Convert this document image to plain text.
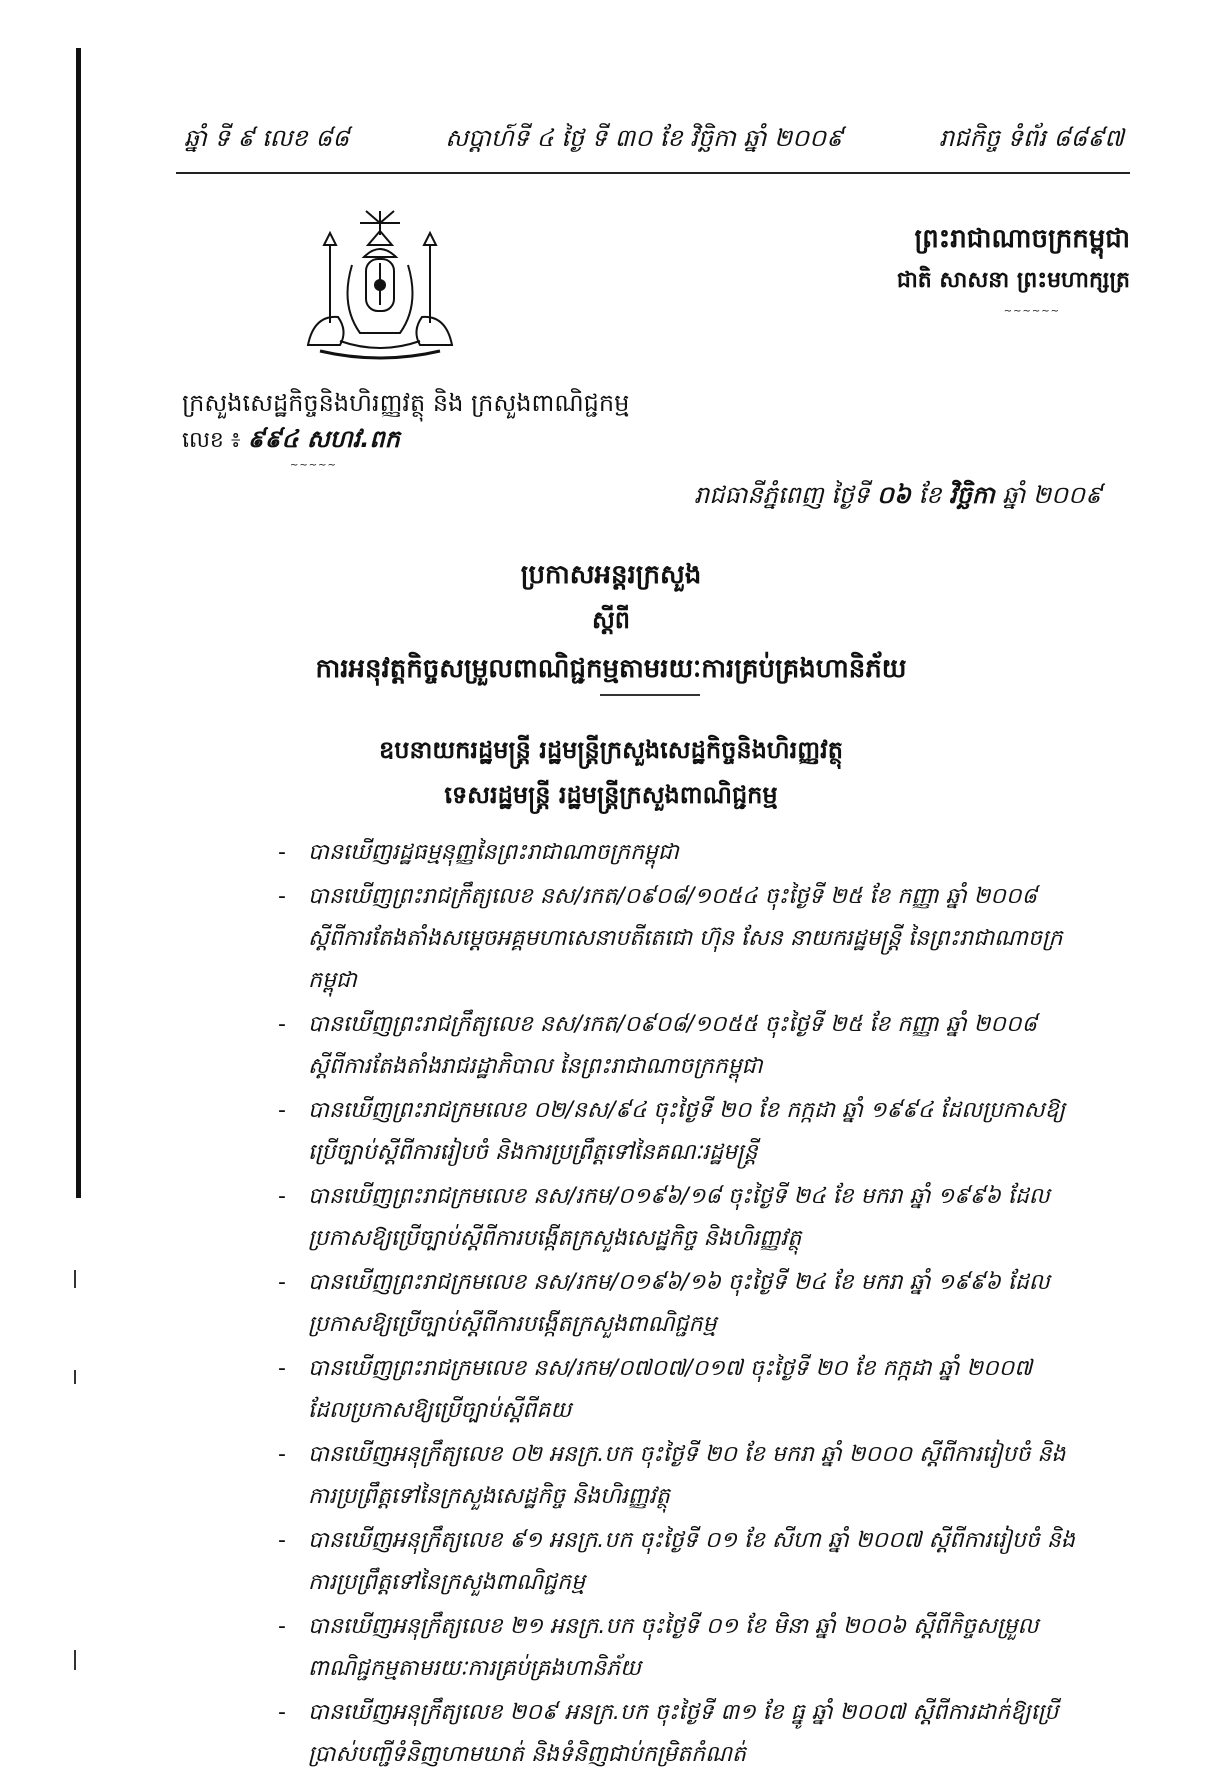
ឆ្នាំ ទី ៩ លេខ ៨៨	សប្ដាហ៍ទី ៤ ថ្ងៃ ទី ៣០ ខែ វិច្ឆិកា ឆ្នាំ ២០០៩	រាជកិច្ច ទំព័រ ៨៨៩៧
ព្រះរាជាណាចក្រកម្ពុជា
ជាតិ សាសនា ព្រះមហាក្សត្រ
~~~~~~
ក្រសួងសេដ្ឋកិច្ចនិងហិរញ្ញវត្ថុ និង ក្រសួងពាណិជ្ជកម្ម
លេខ ៖ ៩៩៤ សហវ.ពក
~~~~~
រាជធានីភ្នំពេញ ថ្ងៃទី ០៦ ខែ វិច្ឆិកា ឆ្នាំ ២០០៩
ប្រកាសអន្តរក្រសួង
ស្ដីពី
ការអនុវត្តកិច្ចសម្រួលពាណិជ្ជកម្មតាមរយៈការគ្រប់គ្រងហានិភ័យ
ឧបនាយករដ្ឋមន្ត្រី រដ្ឋមន្ត្រីក្រសួងសេដ្ឋកិច្ចនិងហិរញ្ញវត្ថុ
ទេសរដ្ឋមន្ត្រី រដ្ឋមន្ត្រីក្រសួងពាណិជ្ជកម្ម
- បានឃើញរដ្ឋធម្មនុញ្ញនៃព្រះរាជាណាចក្រកម្ពុជា
- បានឃើញព្រះរាជក្រឹត្យលេខ នស/រកត/០៩០៨/១០៥៤ ចុះថ្ងៃទី ២៥ ខែ កញ្ញា ឆ្នាំ ២០០៨ ស្ដីពីការតែងតាំងសម្ដេចអគ្គមហាសេនាបតីតេជោ ហ៊ុន សែន នាយករដ្ឋមន្ត្រី នៃព្រះរាជាណាចក្រកម្ពុជា
- បានឃើញព្រះរាជក្រឹត្យលេខ នស/រកត/០៩០៨/១០៥៥ ចុះថ្ងៃទី ២៥ ខែ កញ្ញា ឆ្នាំ ២០០៨ ស្ដីពីការតែងតាំងរាជរដ្ឋាភិបាល នៃព្រះរាជាណាចក្រកម្ពុជា
- បានឃើញព្រះរាជក្រមលេខ ០២/នស/៩៤ ចុះថ្ងៃទី ២០ ខែ កក្កដា ឆ្នាំ ១៩៩៤ ដែលប្រកាសឱ្យប្រើច្បាប់ស្ដីពីការរៀបចំ និងការប្រព្រឹត្តទៅនៃគណៈរដ្ឋមន្ត្រី
- បានឃើញព្រះរាជក្រមលេខ នស/រកម/០១៩៦/១៨ ចុះថ្ងៃទី ២៤ ខែ មករា ឆ្នាំ ១៩៩៦ ដែលប្រកាសឱ្យប្រើច្បាប់ស្ដីពីការបង្កើតក្រសួងសេដ្ឋកិច្ច និងហិរញ្ញវត្ថុ
- បានឃើញព្រះរាជក្រមលេខ នស/រកម/០១៩៦/១៦ ចុះថ្ងៃទី ២៤ ខែ មករា ឆ្នាំ ១៩៩៦ ដែលប្រកាសឱ្យប្រើច្បាប់ស្ដីពីការបង្កើតក្រសួងពាណិជ្ជកម្ម
- បានឃើញព្រះរាជក្រមលេខ នស/រកម/០៧០៧/០១៧ ចុះថ្ងៃទី ២០ ខែ កក្កដា ឆ្នាំ ២០០៧ ដែលប្រកាសឱ្យប្រើច្បាប់ស្ដីពីគយ
- បានឃើញអនុក្រឹត្យលេខ ០២ អនក្រ.បក ចុះថ្ងៃទី ២០ ខែ មករា ឆ្នាំ ២០០០ ស្ដីពីការរៀបចំ និងការប្រព្រឹត្តទៅនៃក្រសួងសេដ្ឋកិច្ច និងហិរញ្ញវត្ថុ
- បានឃើញអនុក្រឹត្យលេខ ៩១ អនក្រ.បក ចុះថ្ងៃទី ០១ ខែ សីហា ឆ្នាំ ២០០៧ ស្ដីពីការរៀបចំ និងការប្រព្រឹត្តទៅនៃក្រសួងពាណិជ្ជកម្ម
- បានឃើញអនុក្រឹត្យលេខ ២១ អនក្រ.បក ចុះថ្ងៃទី ០១ ខែ មិនា ឆ្នាំ ២០០៦ ស្ដីពីកិច្ចសម្រួលពាណិជ្ជកម្មតាមរយៈការគ្រប់គ្រងហានិភ័យ
- បានឃើញអនុក្រឹត្យលេខ ២០៩ អនក្រ.បក ចុះថ្ងៃទី ៣១ ខែ ធ្នូ ឆ្នាំ ២០០៧ ស្ដីពីការដាក់ឱ្យប្រើប្រាស់បញ្ជីទំនិញហាមឃាត់ និងទំនិញជាប់កម្រិតកំណត់
